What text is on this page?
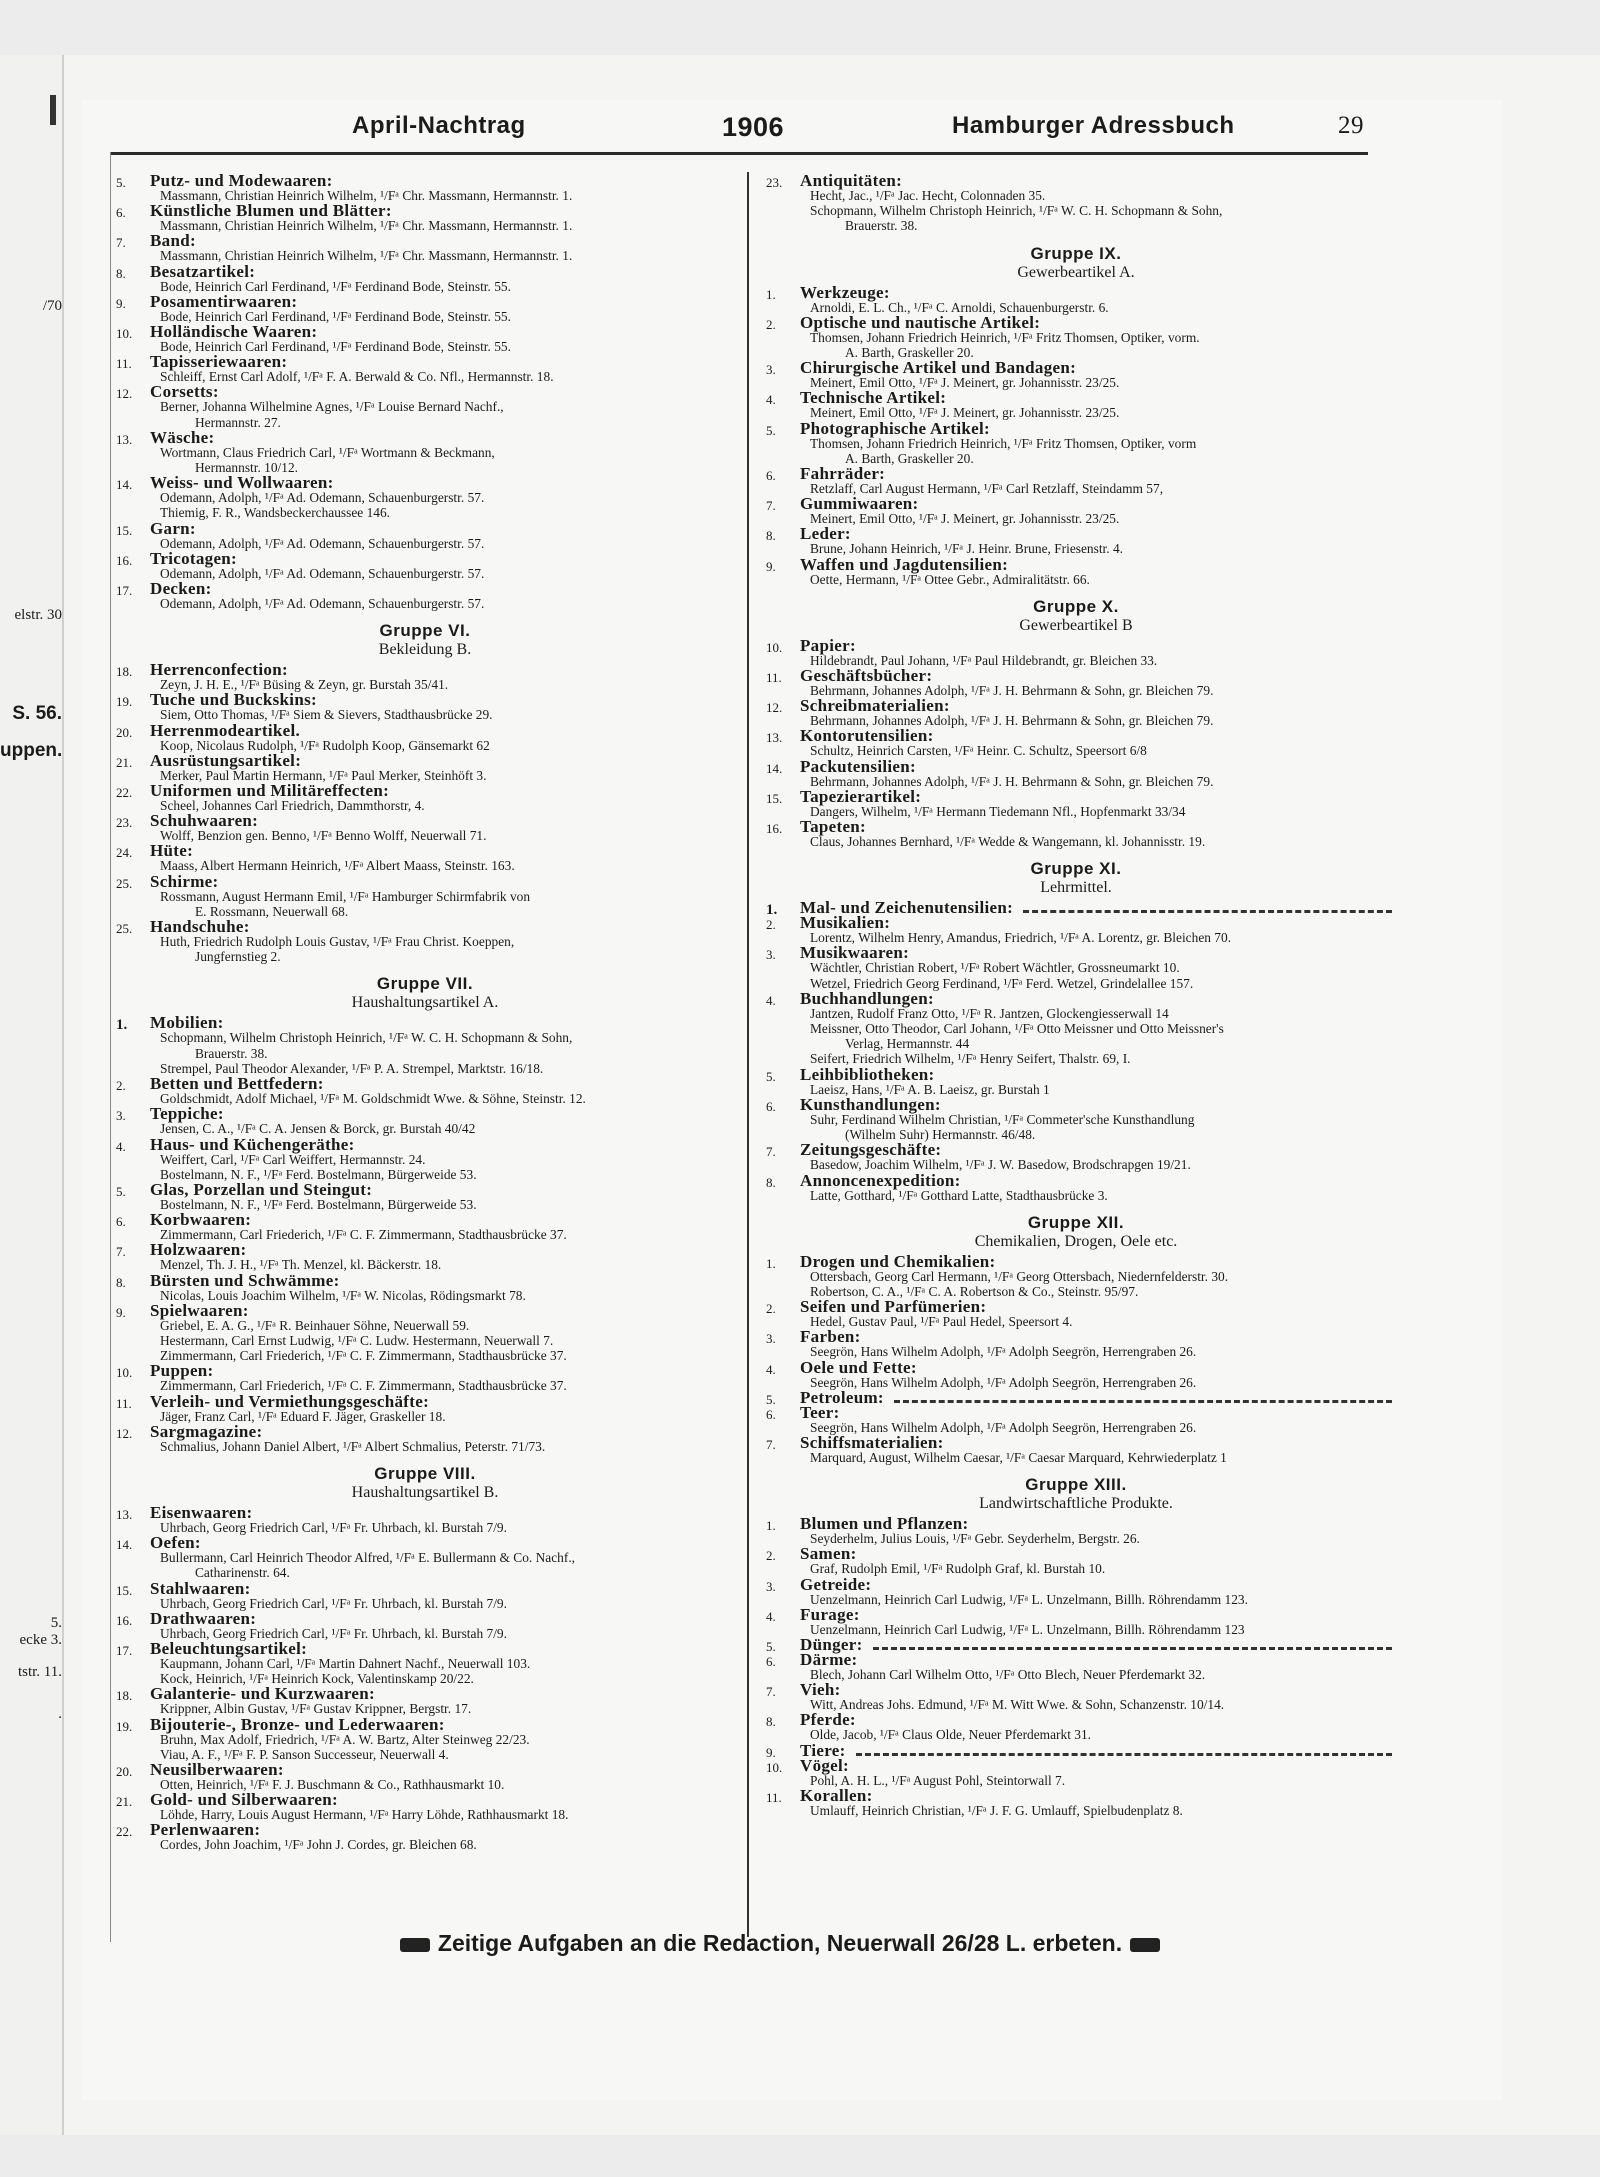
/70
elstr. 30
S. 56.
uppen.
5.
ecke 3.
tstr. 11.
.
April-Nachtrag	1906	Hamburger Adressbuch	29
5. Putz- und Modewaaren:
Massmann, Christian Heinrich Wilhelm, ¹/Fᵃ Chr. Massmann, Hermannstr. 1.
6. Künstliche Blumen und Blätter:
Massmann, Christian Heinrich Wilhelm, ¹/Fᵃ Chr. Massmann, Hermannstr. 1.
7. Band:
Massmann, Christian Heinrich Wilhelm, ¹/Fᵃ Chr. Massmann, Hermannstr. 1.
8. Besatzartikel:
Bode, Heinrich Carl Ferdinand, ¹/Fᵃ Ferdinand Bode, Steinstr. 55.
9. Posamentirwaaren:
Bode, Heinrich Carl Ferdinand, ¹/Fᵃ Ferdinand Bode, Steinstr. 55.
10. Holländische Waaren:
Bode, Heinrich Carl Ferdinand, ¹/Fᵃ Ferdinand Bode, Steinstr. 55.
11. Tapisseriewaaren:
Schleiff, Ernst Carl Adolf, ¹/Fᵃ F. A. Berwald & Co. Nfl., Hermannstr. 18.
12. Corsetts:
Berner, Johanna Wilhelmine Agnes, ¹/Fᵃ Louise Bernard Nachf.,
Hermannstr. 27.
13. Wäsche:
Wortmann, Claus Friedrich Carl, ¹/Fᵃ Wortmann & Beckmann,
Hermannstr. 10/12.
14. Weiss- und Wollwaaren:
Odemann, Adolph, ¹/Fᵃ Ad. Odemann, Schauenburgerstr. 57.
Thiemig, F. R., Wandsbeckerchaussee 146.
15. Garn:
Odemann, Adolph, ¹/Fᵃ Ad. Odemann, Schauenburgerstr. 57.
16. Tricotagen:
Odemann, Adolph, ¹/Fᵃ Ad. Odemann, Schauenburgerstr. 57.
17. Decken:
Odemann, Adolph, ¹/Fᵃ Ad. Odemann, Schauenburgerstr. 57.
Gruppe VI.
Bekleidung B.
18. Herrenconfection:
Zeyn, J. H. E., ¹/Fᵃ Büsing & Zeyn, gr. Burstah 35/41.
19. Tuche und Buckskins:
Siem, Otto Thomas, ¹/Fᵃ Siem & Sievers, Stadthausbrücke 29.
20. Herrenmodeartikel.
Koop, Nicolaus Rudolph, ¹/Fᵃ Rudolph Koop, Gänsemarkt 62
21. Ausrüstungsartikel:
Merker, Paul Martin Hermann, ¹/Fᵃ Paul Merker, Steinhöft 3.
22. Uniformen und Militäreffecten:
Scheel, Johannes Carl Friedrich, Dammthorstr, 4.
23. Schuhwaaren:
Wolff, Benzion gen. Benno, ¹/Fᵃ Benno Wolff, Neuerwall 71.
24. Hüte:
Maass, Albert Hermann Heinrich, ¹/Fᵃ Albert Maass, Steinstr. 163.
25. Schirme:
Rossmann, August Hermann Emil, ¹/Fᵃ Hamburger Schirmfabrik von
E. Rossmann, Neuerwall 68.
25. Handschuhe:
Huth, Friedrich Rudolph Louis Gustav, ¹/Fᵃ Frau Christ. Koeppen,
Jungfernstieg 2.
Gruppe VII.
Haushaltungsartikel A.
1. Mobilien:
Schopmann, Wilhelm Christoph Heinrich, ¹/Fᵃ W. C. H. Schopmann & Sohn,
Brauerstr. 38.
Strempel, Paul Theodor Alexander, ¹/Fᵃ P. A. Strempel, Marktstr. 16/18.
2. Betten und Bettfedern:
Goldschmidt, Adolf Michael, ¹/Fᵃ M. Goldschmidt Wwe. & Söhne, Steinstr. 12.
3. Teppiche:
Jensen, C. A., ¹/Fᵃ C. A. Jensen & Borck, gr. Burstah 40/42
4. Haus- und Küchengeräthe:
Weiffert, Carl, ¹/Fᵃ Carl Weiffert, Hermannstr. 24.
Bostelmann, N. F., ¹/Fᵃ Ferd. Bostelmann, Bürgerweide 53.
5. Glas, Porzellan und Steingut:
Bostelmann, N. F., ¹/Fᵃ Ferd. Bostelmann, Bürgerweide 53.
6. Korbwaaren:
Zimmermann, Carl Friederich, ¹/Fᵃ C. F. Zimmermann, Stadthausbrücke 37.
7. Holzwaaren:
Menzel, Th. J. H., ¹/Fᵃ Th. Menzel, kl. Bäckerstr. 18.
8. Bürsten und Schwämme:
Nicolas, Louis Joachim Wilhelm, ¹/Fᵃ W. Nicolas, Rödingsmarkt 78.
9. Spielwaaren:
Griebel, E. A. G., ¹/Fᵃ R. Beinhauer Söhne, Neuerwall 59.
Hestermann, Carl Ernst Ludwig, ¹/Fᵃ C. Ludw. Hestermann, Neuerwall 7.
Zimmermann, Carl Friederich, ¹/Fᵃ C. F. Zimmermann, Stadthausbrücke 37.
10. Puppen:
Zimmermann, Carl Friederich, ¹/Fᵃ C. F. Zimmermann, Stadthausbrücke 37.
11. Verleih- und Vermiethungsgeschäfte:
Jäger, Franz Carl, ¹/Fᵃ Eduard F. Jäger, Graskeller 18.
12. Sargmagazine:
Schmalius, Johann Daniel Albert, ¹/Fᵃ Albert Schmalius, Peterstr. 71/73.
Gruppe VIII.
Haushaltungsartikel B.
13. Eisenwaaren:
Uhrbach, Georg Friedrich Carl, ¹/Fᵃ Fr. Uhrbach, kl. Burstah 7/9.
14. Oefen:
Bullermann, Carl Heinrich Theodor Alfred, ¹/Fᵃ E. Bullermann & Co. Nachf.,
Catharinenstr. 64.
15. Stahlwaaren:
Uhrbach, Georg Friedrich Carl, ¹/Fᵃ Fr. Uhrbach, kl. Burstah 7/9.
16. Drathwaaren:
Uhrbach, Georg Friedrich Carl, ¹/Fᵃ Fr. Uhrbach, kl. Burstah 7/9.
17. Beleuchtungsartikel:
Kaupmann, Johann Carl, ¹/Fᵃ Martin Dahnert Nachf., Neuerwall 103.
Kock, Heinrich, ¹/Fᵃ Heinrich Kock, Valentinskamp 20/22.
18. Galanterie- und Kurzwaaren:
Krippner, Albin Gustav, ¹/Fᵃ Gustav Krippner, Bergstr. 17.
19. Bijouterie-, Bronze- und Lederwaaren:
Bruhn, Max Adolf, Friedrich, ¹/Fᵃ A. W. Bartz, Alter Steinweg 22/23.
Viau, A. F., ¹/Fᵃ F. P. Sanson Successeur, Neuerwall 4.
20. Neusilberwaaren:
Otten, Heinrich, ¹/Fᵃ F. J. Buschmann & Co., Rathhausmarkt 10.
21. Gold- und Silberwaaren:
Löhde, Harry, Louis August Hermann, ¹/Fᵃ Harry Löhde, Rathhausmarkt 18.
22. Perlenwaaren:
Cordes, John Joachim, ¹/Fᵃ John J. Cordes, gr. Bleichen 68.
23. Antiquitäten:
Hecht, Jac., ¹/Fᵃ Jac. Hecht, Colonnaden 35.
Schopmann, Wilhelm Christoph Heinrich, ¹/Fᵃ W. C. H. Schopmann & Sohn,
Brauerstr. 38.
Gruppe IX.
Gewerbeartikel A.
1. Werkzeuge:
Arnoldi, E. L. Ch., ¹/Fᵃ C. Arnoldi, Schauenburgerstr. 6.
2. Optische und nautische Artikel:
Thomsen, Johann Friedrich Heinrich, ¹/Fᵃ Fritz Thomsen, Optiker, vorm.
A. Barth, Graskeller 20.
3. Chirurgische Artikel und Bandagen:
Meinert, Emil Otto, ¹/Fᵃ J. Meinert, gr. Johannisstr. 23/25.
4. Technische Artikel:
Meinert, Emil Otto, ¹/Fᵃ J. Meinert, gr. Johannisstr. 23/25.
5. Photographische Artikel:
Thomsen, Johann Friedrich Heinrich, ¹/Fᵃ Fritz Thomsen, Optiker, vorm
A. Barth, Graskeller 20.
6. Fahrräder:
Retzlaff, Carl August Hermann, ¹/Fᵃ Carl Retzlaff, Steindamm 57,
7. Gummiwaaren:
Meinert, Emil Otto, ¹/Fᵃ J. Meinert, gr. Johannisstr. 23/25.
8. Leder:
Brune, Johann Heinrich, ¹/Fᵃ J. Heinr. Brune, Friesenstr. 4.
9. Waffen und Jagdutensilien:
Oette, Hermann, ¹/Fᵃ Ottee Gebr., Admiralitätstr. 66.
Gruppe X.
Gewerbeartikel B
10. Papier:
Hildebrandt, Paul Johann, ¹/Fᵃ Paul Hildebrandt, gr. Bleichen 33.
11. Geschäftsbücher:
Behrmann, Johannes Adolph, ¹/Fᵃ J. H. Behrmann & Sohn, gr. Bleichen 79.
12. Schreibmaterialien:
Behrmann, Johannes Adolph, ¹/Fᵃ J. H. Behrmann & Sohn, gr. Bleichen 79.
13. Kontorutensilien:
Schultz, Heinrich Carsten, ¹/Fᵃ Heinr. C. Schultz, Speersort 6/8
14. Packutensilien:
Behrmann, Johannes Adolph, ¹/Fᵃ J. H. Behrmann & Sohn, gr. Bleichen 79.
15. Tapezierartikel:
Dangers, Wilhelm, ¹/Fᵃ Hermann Tiedemann Nfl., Hopfenmarkt 33/34
16. Tapeten:
Claus, Johannes Bernhard, ¹/Fᵃ Wedde & Wangemann, kl. Johannisstr. 19.
Gruppe XI.
Lehrmittel.
1. Mal- und Zeichenutensilien:
2. Musikalien:
Lorentz, Wilhelm Henry, Amandus, Friedrich, ¹/Fᵃ A. Lorentz, gr. Bleichen 70.
3. Musikwaaren:
Wächtler, Christian Robert, ¹/Fᵃ Robert Wächtler, Grossneumarkt 10.
Wetzel, Friedrich Georg Ferdinand, ¹/Fᵃ Ferd. Wetzel, Grindelallee 157.
4. Buchhandlungen:
Jantzen, Rudolf Franz Otto, ¹/Fᵃ R. Jantzen, Glockengiesserwall 14
Meissner, Otto Theodor, Carl Johann, ¹/Fᵃ Otto Meissner und Otto Meissner's
Verlag, Hermannstr. 44
Seifert, Friedrich Wilhelm, ¹/Fᵃ Henry Seifert, Thalstr. 69, I.
5. Leihbibliotheken:
Laeisz, Hans, ¹/Fᵃ A. B. Laeisz, gr. Burstah 1
6. Kunsthandlungen:
Suhr, Ferdinand Wilhelm Christian, ¹/Fᵃ Commeter'sche Kunsthandlung
(Wilhelm Suhr) Hermannstr. 46/48.
7. Zeitungsgeschäfte:
Basedow, Joachim Wilhelm, ¹/Fᵃ J. W. Basedow, Brodschrapgen 19/21.
8. Annoncenexpedition:
Latte, Gotthard, ¹/Fᵃ Gotthard Latte, Stadthausbrücke 3.
Gruppe XII.
Chemikalien, Drogen, Oele etc.
1. Drogen und Chemikalien:
Ottersbach, Georg Carl Hermann, ¹/Fᵃ Georg Ottersbach, Niedernfelderstr. 30.
Robertson, C. A., ¹/Fᵃ C. A. Robertson & Co., Steinstr. 95/97.
2. Seifen und Parfümerien:
Hedel, Gustav Paul, ¹/Fᵃ Paul Hedel, Speersort 4.
3. Farben:
Seegrön, Hans Wilhelm Adolph, ¹/Fᵃ Adolph Seegrön, Herrengraben 26.
4. Oele und Fette:
Seegrön, Hans Wilhelm Adolph, ¹/Fᵃ Adolph Seegrön, Herrengraben 26.
5. Petroleum:
6. Teer:
Seegrön, Hans Wilhelm Adolph, ¹/Fᵃ Adolph Seegrön, Herrengraben 26.
7. Schiffsmaterialien:
Marquard, August, Wilhelm Caesar, ¹/Fᵃ Caesar Marquard, Kehrwiederplatz 1
Gruppe XIII.
Landwirtschaftliche Produkte.
1. Blumen und Pflanzen:
Seyderhelm, Julius Louis, ¹/Fᵃ Gebr. Seyderhelm, Bergstr. 26.
2. Samen:
Graf, Rudolph Emil, ¹/Fᵃ Rudolph Graf, kl. Burstah 10.
3. Getreide:
Uenzelmann, Heinrich Carl Ludwig, ¹/Fᵃ L. Unzelmann, Billh. Röhrendamm 123.
4. Furage:
Uenzelmann, Heinrich Carl Ludwig, ¹/Fᵃ L. Unzelmann, Billh. Röhrendamm 123
5. Dünger:
6. Därme:
Blech, Johann Carl Wilhelm Otto, ¹/Fᵃ Otto Blech, Neuer Pferdemarkt 32.
7. Vieh:
Witt, Andreas Johs. Edmund, ¹/Fᵃ M. Witt Wwe. & Sohn, Schanzenstr. 10/14.
8. Pferde:
Olde, Jacob, ¹/Fᵃ Claus Olde, Neuer Pferdemarkt 31.
9. Tiere:
10. Vögel:
Pohl, A. H. L., ¹/Fᵃ August Pohl, Steintorwall 7.
11. Korallen:
Umlauff, Heinrich Christian, ¹/Fᵃ J. F. G. Umlauff, Spielbudenplatz 8.
Zeitige Aufgaben an die Redaction, Neuerwall 26/28 L. erbeten.
